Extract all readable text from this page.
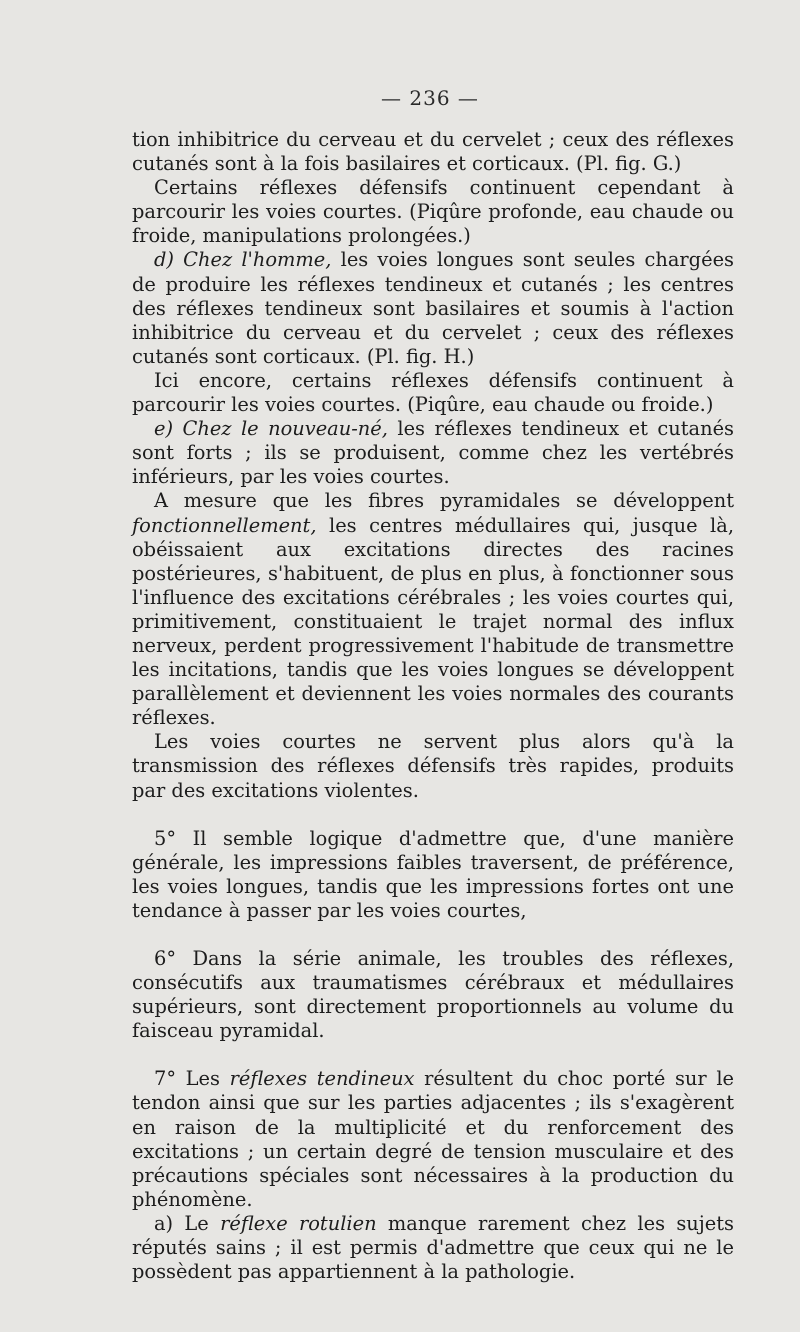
— 236 —

tion inhibitrice du cerveau et du cervelet ; ceux des réflexes cutanés sont à la fois basilaires et corticaux. (Pl. fig. G.)

Certains réflexes défensifs continuent cependant à parcourir les voies courtes. (Piqûre profonde, eau chaude ou froide, manipulations prolongées.)

d) Chez l'homme, les voies longues sont seules chargées de produire les réflexes tendineux et cutanés ; les centres des réflexes tendineux sont basilaires et soumis à l'action inhibitrice du cerveau et du cervelet ; ceux des réflexes cutanés sont corticaux. (Pl. fig. H.)

Ici encore, certains réflexes défensifs continuent à parcourir les voies courtes. (Piqûre, eau chaude ou froide.)

e) Chez le nouveau-né, les réflexes tendineux et cutanés sont forts ; ils se produisent, comme chez les vertébrés inférieurs, par les voies courtes.

A mesure que les fibres pyramidales se développent fonctionnellement, les centres médullaires qui, jusque là, obéissaient aux excitations directes des racines postérieures, s'habituent, de plus en plus, à fonctionner sous l'influence des excitations cérébrales ; les voies courtes qui, primitivement, constituaient le trajet normal des influx nerveux, perdent progressivement l'habitude de transmettre les incitations, tandis que les voies longues se développent parallèlement et deviennent les voies normales des courants réflexes.

Les voies courtes ne servent plus alors qu'à la transmission des réflexes défensifs très rapides, produits par des excitations violentes.

5° Il semble logique d'admettre que, d'une manière générale, les impressions faibles traversent, de préférence, les voies longues, tandis que les impressions fortes ont une tendance à passer par les voies courtes,

6° Dans la série animale, les troubles des réflexes, consécutifs aux traumatismes cérébraux et médullaires supérieurs, sont directement proportionnels au volume du faisceau pyramidal.

7° Les réflexes tendineux résultent du choc porté sur le tendon ainsi que sur les parties adjacentes ; ils s'exagèrent en raison de la multiplicité et du renforcement des excitations ; un certain degré de tension musculaire et des précautions spéciales sont nécessaires à la production du phénomène.

a) Le réflexe rotulien manque rarement chez les sujets réputés sains ; il est permis d'admettre que ceux qui ne le possèdent pas appartiennent à la pathologie.
